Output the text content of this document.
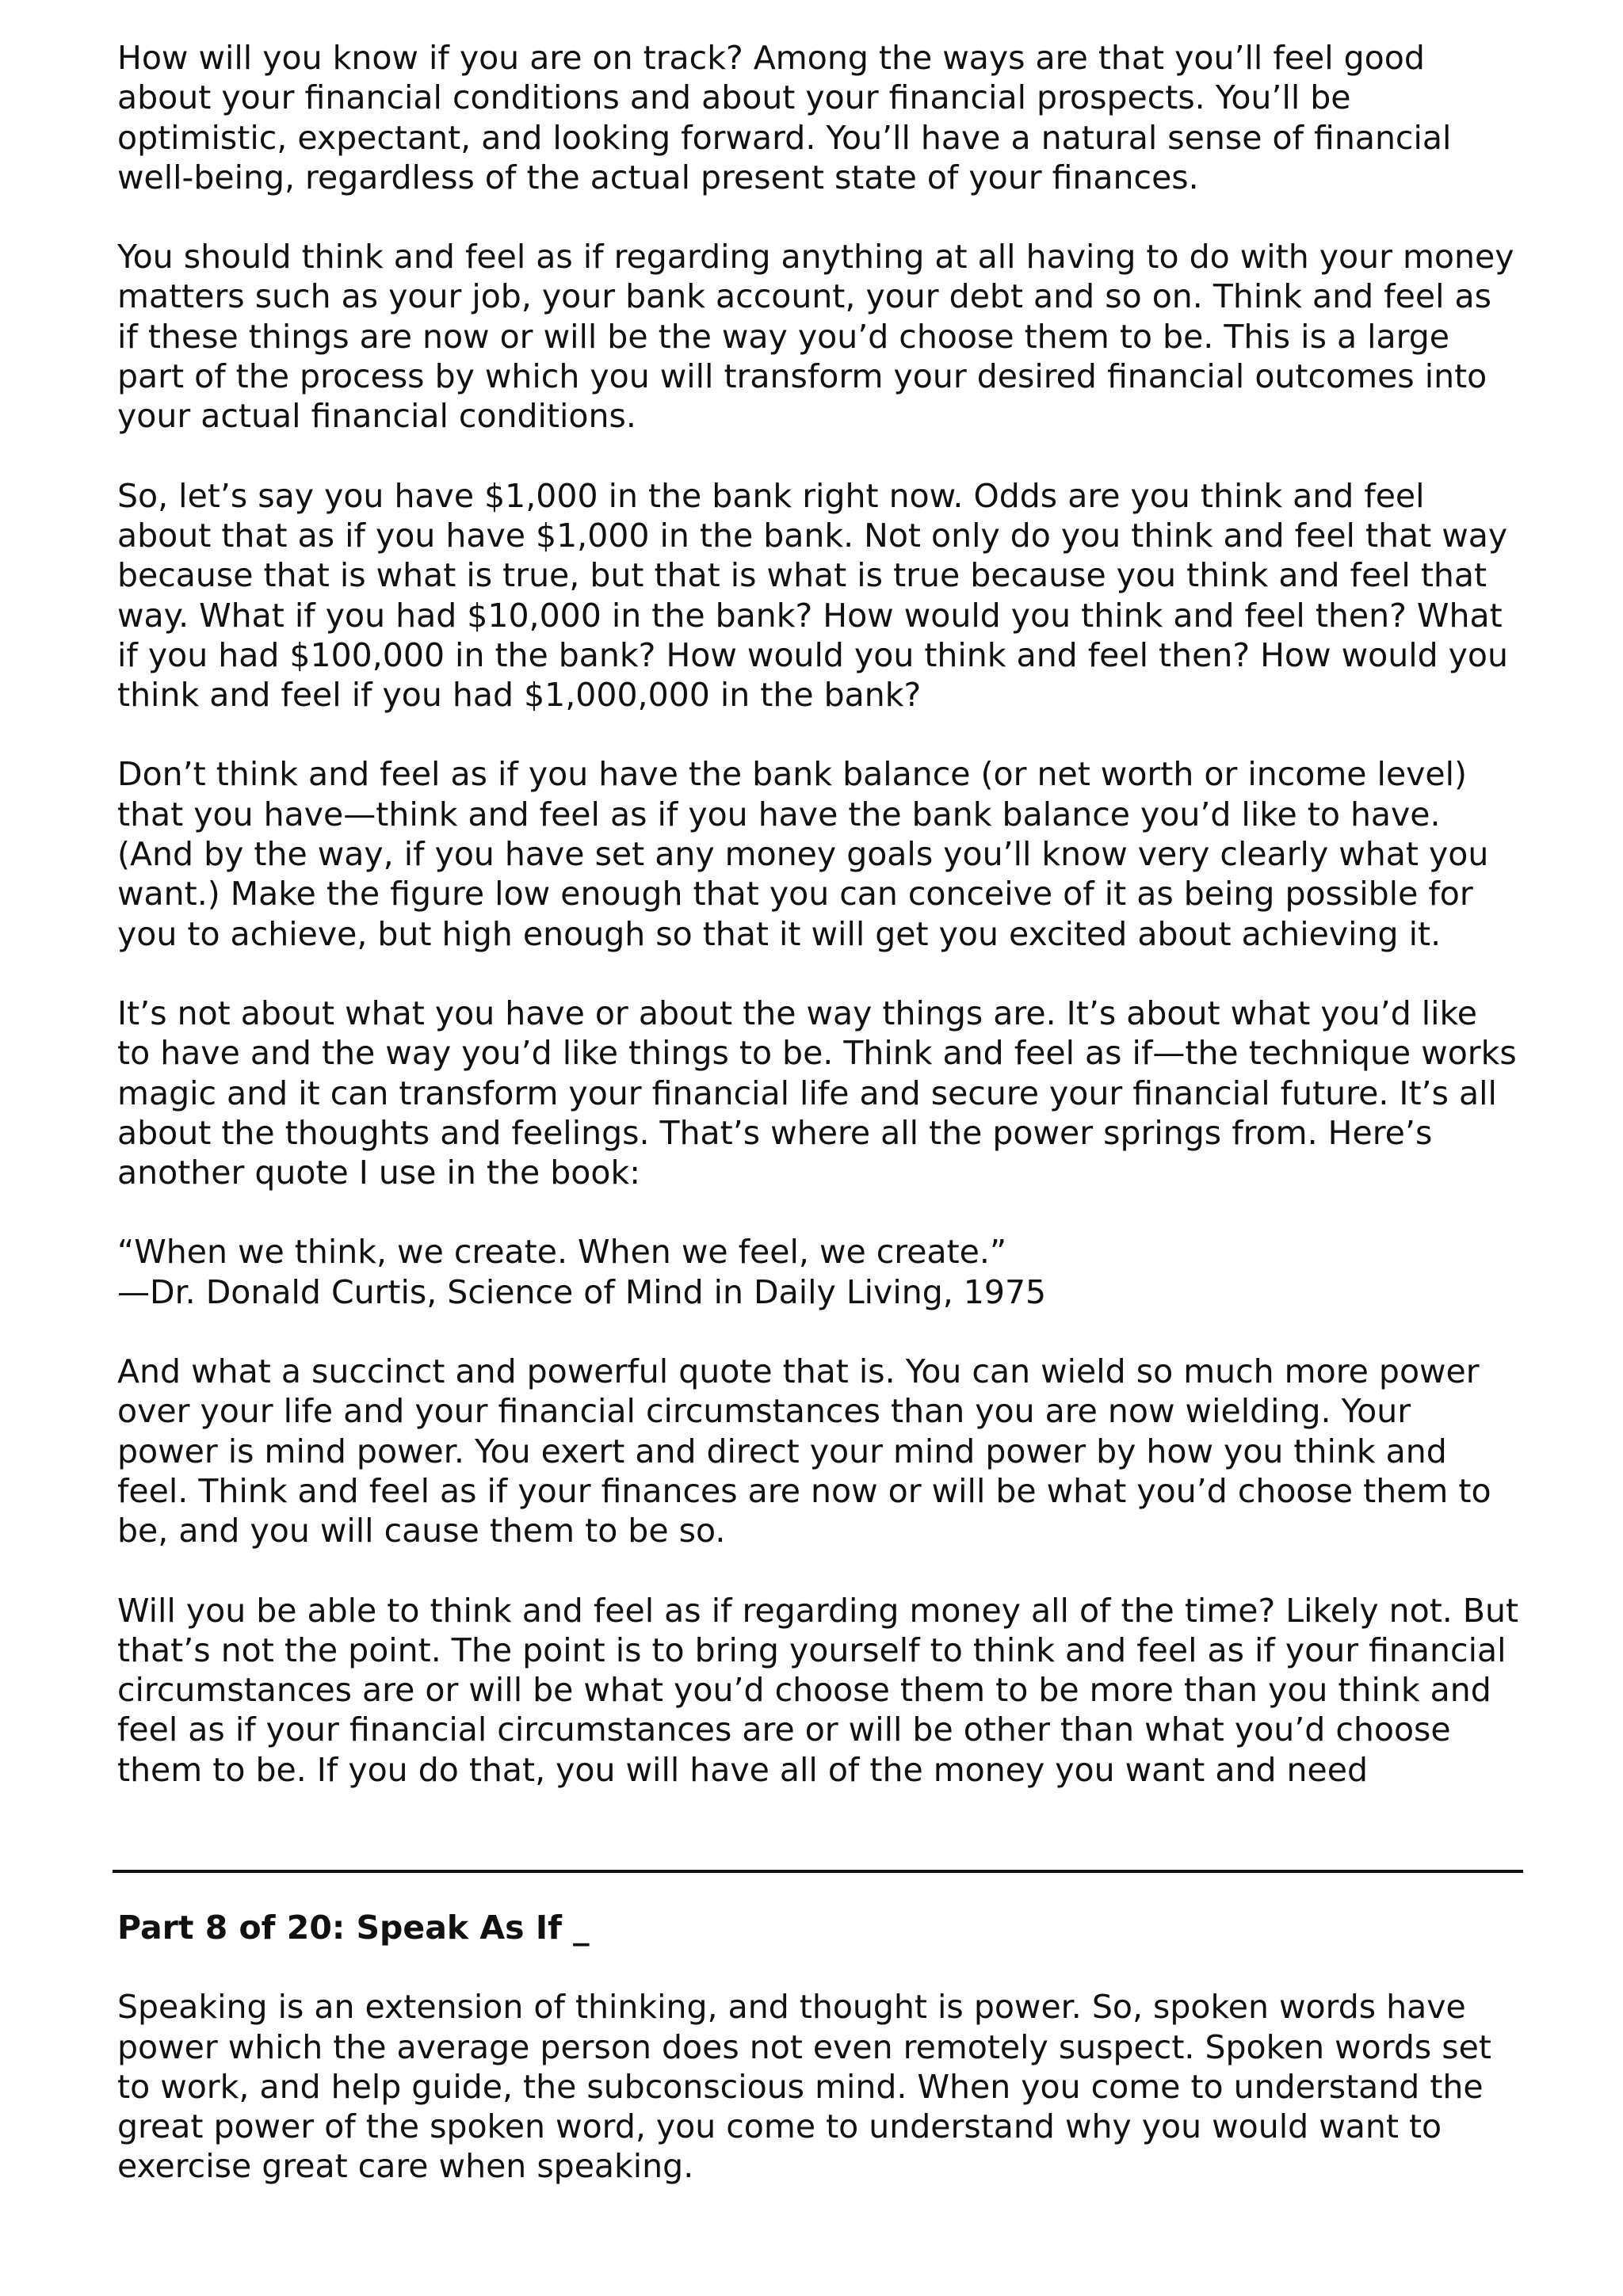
How will you know if you are on track? Among the ways are that you’ll feel good about your financial conditions and about your financial prospects. You’ll be optimistic, expectant, and looking forward. You’ll have a natural sense of financial well-being, regardless of the actual present state of your finances.

You should think and feel as if regarding anything at all having to do with your money matters such as your job, your bank account, your debt and so on. Think and feel as if these things are now or will be the way you’d choose them to be. This is a large part of the process by which you will transform your desired financial outcomes into your actual financial conditions.

So, let’s say you have $1,000 in the bank right now. Odds are you think and feel about that as if you have $1,000 in the bank. Not only do you think and feel that way because that is what is true, but that is what is true because you think and feel that way. What if you had $10,000 in the bank? How would you think and feel then? What if you had $100,000 in the bank? How would you think and feel then? How would you think and feel if you had $1,000,000 in the bank?

Don’t think and feel as if you have the bank balance (or net worth or income level) that you have—think and feel as if you have the bank balance you’d like to have. (And by the way, if you have set any money goals you’ll know very clearly what you want.) Make the figure low enough that you can conceive of it as being possible for you to achieve, but high enough so that it will get you excited about achieving it.

It’s not about what you have or about the way things are. It’s about what you’d like to have and the way you’d like things to be. Think and feel as if—the technique works magic and it can transform your financial life and secure your financial future. It’s all about the thoughts and feelings. That’s where all the power springs from. Here’s another quote I use in the book:

“When we think, we create. When we feel, we create.”
—Dr. Donald Curtis, Science of Mind in Daily Living, 1975

And what a succinct and powerful quote that is. You can wield so much more power over your life and your financial circumstances than you are now wielding. Your power is mind power. You exert and direct your mind power by how you think and feel. Think and feel as if your finances are now or will be what you’d choose them to be, and you will cause them to be so.

Will you be able to think and feel as if regarding money all of the time? Likely not. But that’s not the point. The point is to bring yourself to think and feel as if your financial circumstances are or will be what you’d choose them to be more than you think and feel as if your financial circumstances are or will be other than what you’d choose them to be. If you do that, you will have all of the money you want and need

Part 8 of 20: Speak As If _

Speaking is an extension of thinking, and thought is power. So, spoken words have power which the average person does not even remotely suspect. Spoken words set to work, and help guide, the subconscious mind. When you come to understand the great power of the spoken word, you come to understand why you would want to exercise great care when speaking.
